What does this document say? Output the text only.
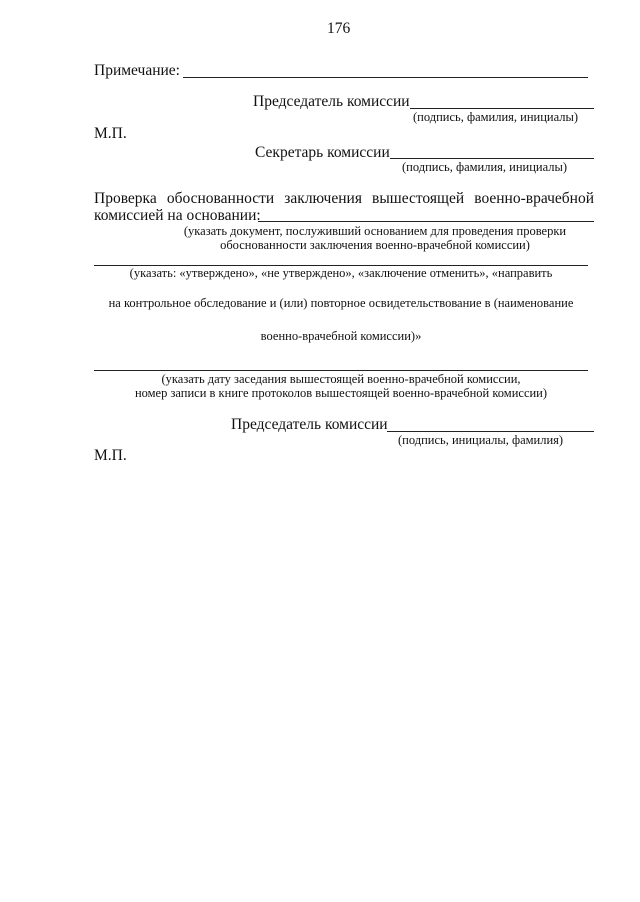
176
Примечание:
Председатель комиссии
(подпись, фамилия, инициалы)
М.П.
Секретарь комиссии
(подпись, фамилия, инициалы)
Проверка обоснованности заключения вышестоящей военно-врачебной
комиссией на основании:
(указать документ, послуживший основанием для проведения проверки
обоснованности заключения военно-врачебной комиссии)
(указать: «утверждено», «не утверждено», «заключение отменить», «направить
на контрольное обследование и (или) повторное освидетельствование в (наименование
военно-врачебной комиссии)»
(указать дату заседания вышестоящей военно-врачебной комиссии,
номер записи в книге протоколов вышестоящей военно-врачебной комиссии)
Председатель комиссии
(подпись, инициалы, фамилия)
М.П.
